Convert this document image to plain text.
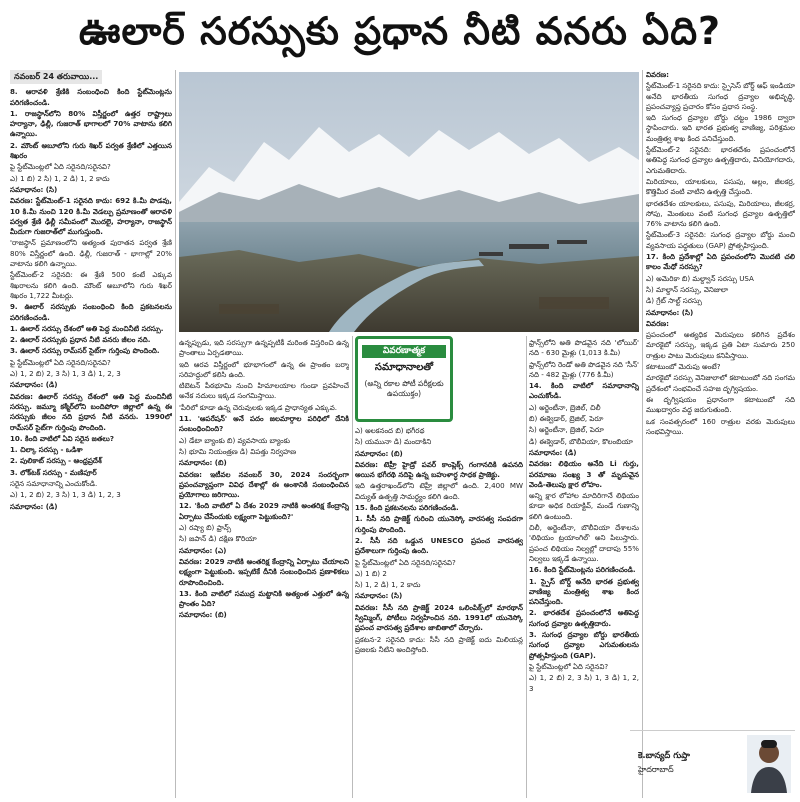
ఊలార్ సరస్సుకు ప్రధాన నీటి వనరు ఏది?
నవంబర్ 24 తరువాయి...

8. ఆరావళి శ్రేణికి సంబంధించి కింది స్టేట్‌మెంట్లను పరిగణించండి.

1. రాజస్థాన్‌లోని 80% విస్తీర్ణంలో ఉత్తర రాష్ట్రాలు హర్యానా, ఢిల్లీ, గుజరాత్ భాగాలలో 70% వాటాను కలిగి ఉన్నాయి.

2. మౌంట్ అబూలోని గురు శిఖర్ పర్వత శ్రేణిలో ఎత్తయిన శిఖరం

పై స్టేట్‌మెంట్లలో ఏది సరైనది/సరైనవి?

ఎ) 1 బి) 2 సి) 1, 2 డి) 1, 2 కాదు

సమాధానం: (సి)

వివరణ: స్టేట్‌మెంట్-1 సరైనది కాదు: 692 కి.మీ పొడవు, 10 కి.మీ నుంచి 120 కి.మీ వెడల్పు ప్రమాణంతో ఆరావళి పర్వత శ్రేణి ఢిల్లీ సమీపంలో మొదలై, హర్యానా, రాజస్థాన్ మీదుగా గుజరాత్‌లో ముగుస్తుంది.

'రాజస్థాన్ ప్రమాణంలోని అత్యంత పురాతన పర్వత శ్రేణి 80% విస్తీర్ణంలో ఉంది. ఢిల్లీ, గుజరాత్ - భాగాల్లో 20% వాటాను కలిగి ఉన్నాయి.

స్టేట్‌మెంట్-2 సరైనది: ఈ శ్రేణి 500 కంటే ఎక్కువ శిఖరాలను కలిగి ఉంది. మౌంట్ అబూలోని గురు శిఖర్ శిఖరం 1,722 మీటర్లు.

9. ఊలార్ సరస్సుకు సంబంధించి కింది ప్రకటనలను పరిగణించండి.

1. ఊలార్ సరస్సు దేశంలో అతి పెద్ద మంచినీటి సరస్సు.

2. ఊలార్ సరస్సుకు ప్రధాన నీటి వనరు జీలం నది.

3. ఊలార్ సరస్సు రామ్‌సర్ సైట్‌గా గుర్తింపు పొందింది.

పై స్టేట్‌మెంట్లలో ఏది సరైనది/సరైనవి?

ఎ) 1, 2 బి) 2, 3 సి) 1, 3 డి) 1, 2, 3

సమాధానం: (డి)

వివరణ: ఊలార్ సరస్సు దేశంలో అతి పెద్ద మంచినీటి సరస్సు. జమ్మూ కశ్మీర్‌లోని బందిపోరా జిల్లాలో ఉన్న ఈ సరస్సుకు జీలం నది ప్రధాన నీటి వనరు. 1990లో రామ్‌సర్ సైట్‌గా గుర్తింపు పొందింది.

10. కింది వాటిలో ఏవి సరైన జతలు?

1. చిల్కా సరస్సు - ఒడిశా

2. పులికాట్ సరస్సు - ఆంధ్రప్రదేశ్

3. లోక్‌టక్ సరస్సు - మణిపూర్

సరైన సమాధానాన్ని ఎంచుకోండి.

ఎ) 1, 2 బి) 2, 3 సి) 1, 3 డి) 1, 2, 3

సమాధానం: (డి)

ఉన్నప్పుడు, ఇది సరస్సుగా ఉన్నప్పటికీ మరింత విస్తరించి ఉన్న ప్రాంతాలు ఏర్పడతాయి.

ఇది ఆరవ విస్తీర్ణంలో భూభాగంలో ఉన్న ఈ ప్రాంతం బర్మా సరిహద్దులో కలిసి ఉంది.

టిబెటన్ పీఠభూమి నుంచి హిమాలయాల గుండా ప్రవహించే అనేక నదులు ఇక్కడ సంగమిస్తాయి.

'పీరిలో కూడా ఉన్న చెరువులకు ఇక్కడ ప్రాధాన్యత ఎక్కువ.

11. 'ఆపరేషన్' అనే పదం జలమార్గాల పరిధిలో దేనికి సంబంధించింది?

ఎ) డేటా బ్యాంకు బి) వ్యవసాయ బ్యాంకు

సి) భూమి నియంత్రణ డి) విపత్తు నిర్వహణ

సమాధానం: (బి)

వివరణ: ఇటీవల నవంబర్ 30, 2024 సందర్భంగా ప్రపంచవ్యాప్తంగా వివిధ దేశాల్లో ఈ అంశానికి సంబంధించిన ప్రయోగాలు జరిగాయి.

12. 'కింది వాటిలో ఏ దేశం 2029 నాటికి అంతరిక్ష కేంద్రాన్ని ఏర్పాటు చేసేందుకు లక్ష్యంగా పెట్టుకుంది?'

ఎ) రష్యా బి) ఫ్రాన్స్

సి) జపాన్ డి) దక్షిణ కొరియా

సమాధానం: (ఎ)

వివరణ: 2029 నాటికి అంతరిక్ష కేంద్రాన్ని ఏర్పాటు చేయాలని లక్ష్యంగా పెట్టుకుంది. ఇప్పటికే దీనికి సంబంధించిన ప్రణాళికలు రూపొందించింది.

13. కింది వాటిలో సముద్ర మట్టానికి అత్యంత ఎత్తులో ఉన్న ప్రాంతం ఏది?

సమాధానం: (బి)

వివరణాత్మక
సమాధానాలతో
(అన్ని రకాల పోటీ పరీక్షలకు ఉపయుక్తం)

ఎ) అలకనంద బి) భగీరథ

సి) యమునా డి) మందాకిని

సమాధానం: (బి)

వివరణ: టెహ్రీ హైడ్రో పవర్ కాంప్లెక్స్ గంగానదికి ఉపనది అయిన భగీరథి నదిపై ఉన్న బహుళార్ధ సాధక ప్రాజెక్టు.

ఇది ఉత్తరాఖండ్‌లోని టెహ్రీ జిల్లాలో ఉంది. 2,400 MW విద్యుత్ ఉత్పత్తి సామర్థ్యం కలిగి ఉంది.

15. కింది ప్రకటనలను పరిగణించండి.

1. సీసీ నది ప్రాజెక్ట్ గురించి యునెస్కో వారసత్వ సంపదగా గుర్తింపు పొందింది.

2. సీసీ నది ఒడ్డున UNESCO ప్రపంచ వారసత్వ ప్రదేశాలుగా గుర్తింపు ఉంది.

పై స్టేట్‌మెంట్లలో ఏది సరైనది/సరైనవి?

ఎ) 1 బి) 2

సి) 1, 2 డి) 1, 2 కాదు

సమాధానం: (సి)

వివరణ: సీసీ నది ప్రాజెక్ట్ 2024 ఒలింపిక్స్‌లో మారథాన్ స్విమ్మింగ్, పోటీలు నిర్వహించిన నది. 1991లో యునెస్కో ప్రపంచ వారసత్వ ప్రదేశాల జాబితాలో చేర్చారు.

ప్రకటన-2 సరైనది కాదు: సీసీ నది ప్రాజెక్ట్ ఐదు మిలియన్ల ప్రజలకు నీటిని అందిస్తోంది.

ఫ్రాన్స్‌లోని అతి పొడవైన నది 'లోయిర్' నది - 630 మైళ్లు (1,013 కి.మీ)

ఫ్రాన్స్‌లోని రెండో అతి పొడవైన నది 'సీన్' నది - 482 మైళ్లు (776 కి.మీ)

14. కింది వాటిలో సమాధానాన్ని ఎంచుకోండి.

ఎ) అర్జెంటీనా, బ్రెజిల్, చిలీ

బి) ఈక్వెడార్, బ్రెజిల్, పెరూ

సి) అర్జెంటీనా, బ్రెజిల్, పెరూ

డి) ఈక్వెడార్, బొలీవియా, కొలంబియా

సమాధానం: (డి)

వివరణ: లిథియం అనేది Li గుర్తు, పరమాణు సంఖ్య 3 తో మృదువైన వెండి-తెలుపు క్షార లోహం.

అన్ని క్షార లోహాల మాదిరిగానే లిథియం కూడా అధిక రియాక్టివ్, మండే గుణాన్ని కలిగి ఉంటుంది.

చిలీ, అర్జెంటీనా, బొలీవియా దేశాలను 'లిథియం ట్రయాంగిల్' అని పిలుస్తారు. ప్రపంచ లిథియం నిల్వల్లో దాదాపు 55% నిల్వలు ఇక్కడే ఉన్నాయి.

16. కింది స్టేట్‌మెంట్లను పరిగణించండి.

1. స్పైస్ బోర్డ్ అనేది భారత ప్రభుత్వ వాణిజ్య మంత్రిత్వ శాఖ కింద పనిచేస్తుంది.

2. భారతదేశ ప్రపంచంలోనే అతిపెద్ద సుగంధ ద్రవ్యాల ఉత్పత్తిదారు.

3. సుగంధ ద్రవ్యాల బోర్డు భారతీయ సుగంధ ద్రవ్యాల ఎగుమతులను ప్రోత్సహిస్తుంది (GAP).

పై స్టేట్‌మెంట్లలో ఏది సరైనవి?

ఎ) 1, 2 బి) 2, 3 సి) 1, 3 డి) 1, 2, 3

వివరణ:

స్టేట్‌మెంట్-1 సరైనది కాదు: స్పైసెస్ బోర్డ్ ఆఫ్ ఇండియా అనేది భారతీయ సుగంధ ద్రవ్యాల అభివృద్ధి, ప్రపంచవ్యాప్త ప్రచారం కోసం ప్రధాన సంస్థ.

ఇది సుగంధ ద్రవ్యాల బోర్డు చట్టం 1986 ద్వారా స్థాపించారు. ఇది భారత ప్రభుత్వ వాణిజ్య, పరిశ్రమల మంత్రిత్వ శాఖ కింద పనిచేస్తుంది.

స్టేట్‌మెంట్-2 సరైనది: భారతదేశం ప్రపంచంలోనే అతిపెద్ద సుగంధ ద్రవ్యాల ఉత్పత్తిదారు, వినియోగదారు, ఎగుమతిదారు.

మిరియాలు, యాలకులు, పసుపు, అల్లం, జీలకర్ర, కొత్తిమీర వంటి వాటిని ఉత్పత్తి చేస్తుంది.

భారతదేశం యాలకులు, పసుపు, మిరియాలు, జీలకర్ర, సోపు, మెంతులు వంటి సుగంధ ద్రవ్యాల ఉత్పత్తిలో 76% వాటాను కలిగి ఉంది.

స్టేట్‌మెంట్-3 సరైనది: సుగంధ ద్రవ్యాల బోర్డు మంచి వ్యవసాయ పద్ధతులు (GAP) ప్రోత్సహిస్తుంది.

17. కింది ప్రదేశాల్లో ఏది ప్రపంచంలోని మొదటి చలి కాలం మేధో సరస్సు?

ఎ) అమెరికా బి) మల్ద్వాన్ సరస్సు USA

సి) మాల్డాన్ సరస్సు, వెనిజులా

డి) గ్రేట్ సాల్ట్ సరస్సు

సమాధానం: (సి)

వివరణ:

ప్రపంచంలో అత్యధిక మెరుపులు కలిగిన ప్రదేశం మారకైబో సరస్సు, ఇక్కడ ప్రతి ఏటా సుమారు 250 రాత్రుల పాటు మెరుపులు కనిపిస్తాయి.

కటాటుంబో మెరుపు అంటే?

మారకైబో సరస్సు వెనిజులాలో కటాటుంబో నది సంగమ ప్రదేశంలో సంభవించే సహజ దృగ్విషయం.

ఈ దృగ్విషయం ప్రధానంగా కటాటుంబో నది ముఖద్వారం వద్ద జరుగుతుంది.

ఒక సంవత్సరంలో 160 రాత్రుల వరకు మెరుపులు సంభవిస్తాయి.

కె.బాన్యద్ గుప్తా
హైదరాబాద్
